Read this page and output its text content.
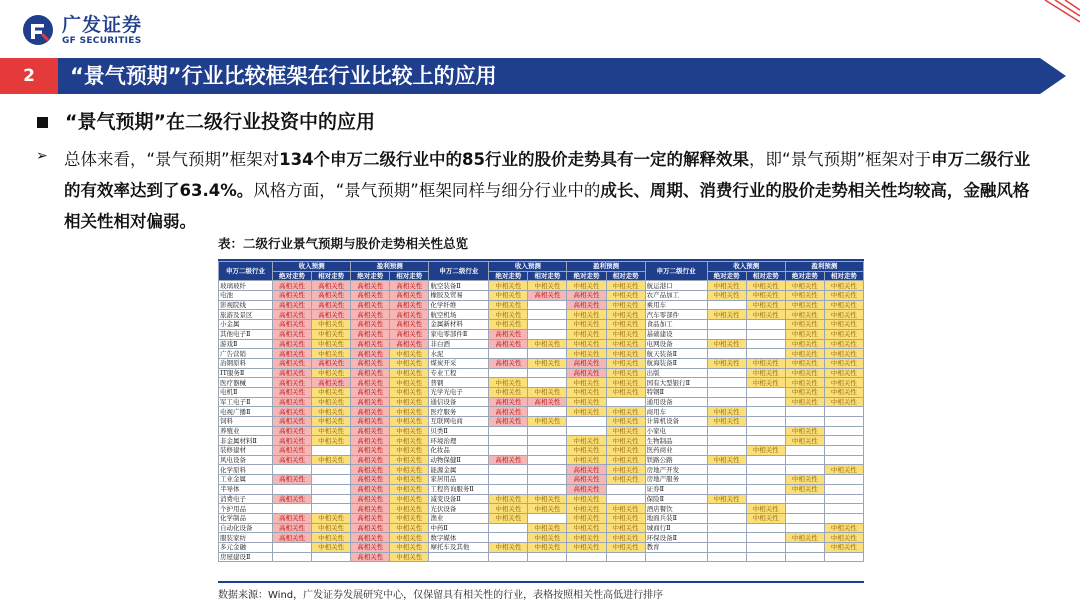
广发证券
GF SECURITIES
2	“景气预期”行业比较框架在行业比较上的应用
“景气预期”在二级行业投资中的应用
➢ 总体来看，“景气预期”框架对134个申万二级行业中的85行业的股价走势具有一定的解释效果，即“景气预期”框架对于申万二级行业的有效率达到了63.4%。风格方面，“景气预期”框架同样与细分行业中的成长、周期、消费行业的股价走势相关性均较高，金融风格相关性相对偏弱。
表：二级行业景气预期与股价走势相关性总览
申万二级行业	收入预测		盈利预测		申万二级行业	收入预测		盈利预测		申万二级行业	收入预测		盈利预测	
	绝对走势	相对走势	绝对走势	相对走势		绝对走势	相对走势	绝对走势	相对走势		绝对走势	相对走势	绝对走势	相对走势
玻璃玻纤	高相关性	高相关性	高相关性	高相关性	航空装备Ⅱ	中相关性	中相关性	中相关性	中相关性	航运港口	中相关性	中相关性	中相关性	中相关性
电池	高相关性	高相关性	高相关性	高相关性	橡胶及贸易	中相关性	高相关性	高相关性	中相关性	农产品加工	中相关性	中相关性	中相关性	中相关性
影视院线	高相关性	高相关性	高相关性	高相关性	化学纤维	中相关性		高相关性	中相关性	乘用车		中相关性	中相关性	中相关性
旅游及景区	高相关性	高相关性	高相关性	高相关性	航空机场	中相关性		中相关性	中相关性	汽车零部件	中相关性	中相关性	中相关性	中相关性
小金属	高相关性	中相关性	高相关性	高相关性	金属新材料	中相关性		中相关性	中相关性	食品加工			中相关性	中相关性
其他电子Ⅱ	高相关性	中相关性	高相关性	高相关性	家电零部件Ⅱ	高相关性		中相关性	中相关性	基础建设			中相关性	中相关性
游戏Ⅱ	高相关性	中相关性	高相关性	高相关性	非白酒	高相关性	中相关性	中相关性	中相关性	电网设备	中相关性		中相关性	中相关性
广告营销	高相关性	中相关性	高相关性	中相关性	水泥			中相关性	中相关性	航天装备Ⅱ			中相关性	中相关性
冶钢原料	高相关性	高相关性	高相关性	中相关性	煤炭开采	高相关性	中相关性	高相关性	中相关性	航海装备Ⅱ	中相关性	中相关性	中相关性	中相关性
IT服务Ⅱ	高相关性	中相关性	高相关性	中相关性	专业工程			高相关性	中相关性	出版		中相关性	中相关性	中相关性
医疗器械	高相关性	高相关性	高相关性	中相关性	普钢	中相关性		中相关性	中相关性	国有大型银行Ⅱ		中相关性	中相关性	中相关性
电机Ⅱ	高相关性	中相关性	高相关性	中相关性	光学光电子	中相关性	中相关性	中相关性	中相关性	特钢Ⅱ			中相关性	中相关性
军工电子Ⅱ	高相关性	中相关性	高相关性	中相关性	通信设备	高相关性	高相关性	中相关性		通用设备			中相关性	中相关性
电视广播Ⅱ	高相关性	中相关性	高相关性	中相关性	医疗服务	高相关性		中相关性	中相关性	商用车	中相关性			
饲料	高相关性	中相关性	高相关性	中相关性	互联网电商	高相关性	中相关性		中相关性	计算机设备	中相关性			
养殖业	高相关性	中相关性	高相关性	中相关性	贝类Ⅱ				中相关性	小家电			中相关性	
非金属材料Ⅱ	高相关性	中相关性	高相关性	中相关性	环境治理			中相关性	中相关性	生物制品			中相关性	
装修建材	高相关性		高相关性	中相关性	化妆品			中相关性	中相关性	医药商业		中相关性		
风电设备	高相关性	中相关性	高相关性	中相关性	动物保健Ⅱ	高相关性		中相关性	中相关性	铁路公路	中相关性			
化学原料			高相关性	中相关性	能源金属			高相关性	中相关性	房地产开发				中相关性
工业金属	高相关性		高相关性	中相关性	家居用品			高相关性	中相关性	房地产服务			中相关性	
半导体			高相关性	中相关性	工程咨询服务Ⅱ			高相关性		证券Ⅱ			中相关性	
消费电子	高相关性		高相关性	中相关性	减变设备Ⅱ	中相关性	中相关性	中相关性		保险Ⅱ	中相关性			
个护用品			高相关性	中相关性	光伏设备	中相关性	中相关性	中相关性	中相关性	酒店餐饮		中相关性		
化学制品	高相关性	中相关性	高相关性	中相关性	渔业	中相关性		中相关性	中相关性	地面兵装Ⅱ		中相关性		
自动化设备	高相关性	中相关性	高相关性	中相关性	中药Ⅱ		中相关性	中相关性	中相关性	城商行Ⅱ				中相关性
服装家纺	高相关性	中相关性	高相关性	中相关性	数字媒体		中相关性	中相关性	中相关性	环保设备Ⅱ			中相关性	中相关性
多元金融		中相关性	高相关性	中相关性	摩托车及其他	中相关性	中相关性	中相关性	中相关性	教育				中相关性
房屋建设Ⅱ			高相关性	中相关性										
数据来源：Wind，广发证券发展研究中心，仅保留具有相关性的行业，表格按照相关性高低进行排序
